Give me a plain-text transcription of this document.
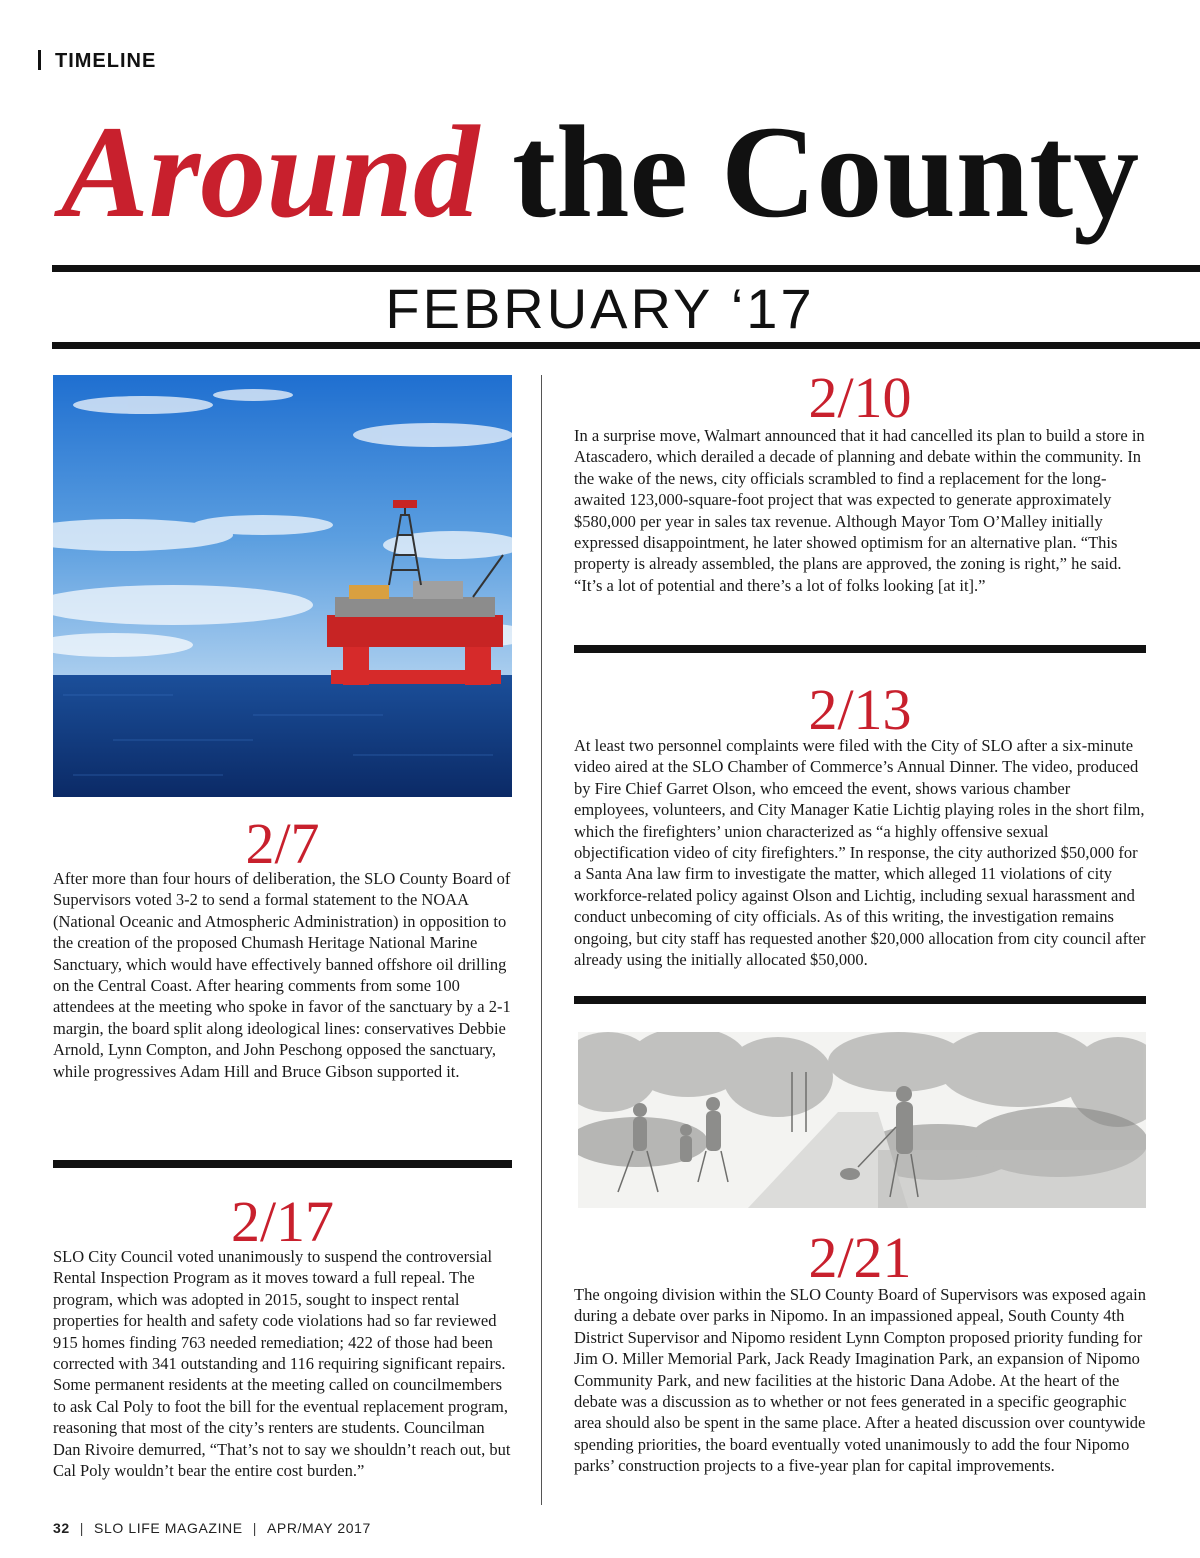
TIMELINE
Around the County
FEBRUARY ‘17
2/7

After more than four hours of deliberation, the SLO County Board of Supervisors voted 3-2 to send a formal statement to the NOAA (National Oceanic and Atmospheric Administration) in opposition to the creation of the proposed Chumash Heritage National Marine Sanctuary, which would have effectively banned offshore oil drilling on the Central Coast. After hearing comments from some 100 attendees at the meeting who spoke in favor of the sanctuary by a 2-1 margin, the board split along ideological lines: conservatives Debbie Arnold, Lynn Compton, and John Peschong opposed the sanctuary, while progressives Adam Hill and Bruce Gibson supported it.

2/17

SLO City Council voted unanimously to suspend the controversial Rental Inspection Program as it moves toward a full repeal. The program, which was adopted in 2015, sought to inspect rental properties for health and safety code violations had so far reviewed 915 homes finding 763 needed remediation; 422 of those had been corrected with 341 outstanding and 116 requiring significant repairs. Some permanent residents at the meeting called on councilmembers to ask Cal Poly to foot the bill for the eventual replacement program, reasoning that most of the city’s renters are students. Councilman Dan Rivoire demurred, “That’s not to say we shouldn’t reach out, but Cal Poly wouldn’t bear the entire cost burden.”

2/10

In a surprise move, Walmart announced that it had cancelled its plan to build a store in Atascadero, which derailed a decade of planning and debate within the community. In the wake of the news, city officials scrambled to find a replacement for the long-awaited 123,000-square-foot project that was expected to generate approximately $580,000 per year in sales tax revenue. Although Mayor Tom O’Malley initially expressed disappointment, he later showed optimism for an alternative plan. “This property is already assembled, the plans are approved, the zoning is right,” he said. “It’s a lot of potential and there’s a lot of folks looking [at it].”

2/13

At least two personnel complaints were filed with the City of SLO after a six-minute video aired at the SLO Chamber of Commerce’s Annual Dinner. The video, produced by Fire Chief Garret Olson, who emceed the event, shows various chamber employees, volunteers, and City Manager Katie Lichtig playing roles in the short film, which the firefighters’ union characterized as “a highly offensive sexual objectification video of city firefighters.” In response, the city authorized $50,000 for a Santa Ana law firm to investigate the matter, which alleged 11 violations of city workforce-related policy against Olson and Lichtig, including sexual harassment and conduct unbecoming of city officials. As of this writing, the investigation remains ongoing, but city staff has requested another $20,000 allocation from city council after already using the initially allocated $50,000.

2/21

The ongoing division within the SLO County Board of Supervisors was exposed again during a debate over parks in Nipomo. In an impassioned appeal, South County 4th District Supervisor and Nipomo resident Lynn Compton proposed priority funding for Jim O. Miller Memorial Park, Jack Ready Imagination Park, an expansion of Nipomo Community Park, and new facilities at the historic Dana Adobe. At the heart of the debate was a discussion as to whether or not fees generated in a specific geographic area should also be spent in the same place. After a heated discussion over countywide spending priorities, the board eventually voted unanimously to add the four Nipomo parks’ construction projects to a five-year plan for capital improvements.

32 | SLO LIFE MAGAZINE | APR/MAY 2017
